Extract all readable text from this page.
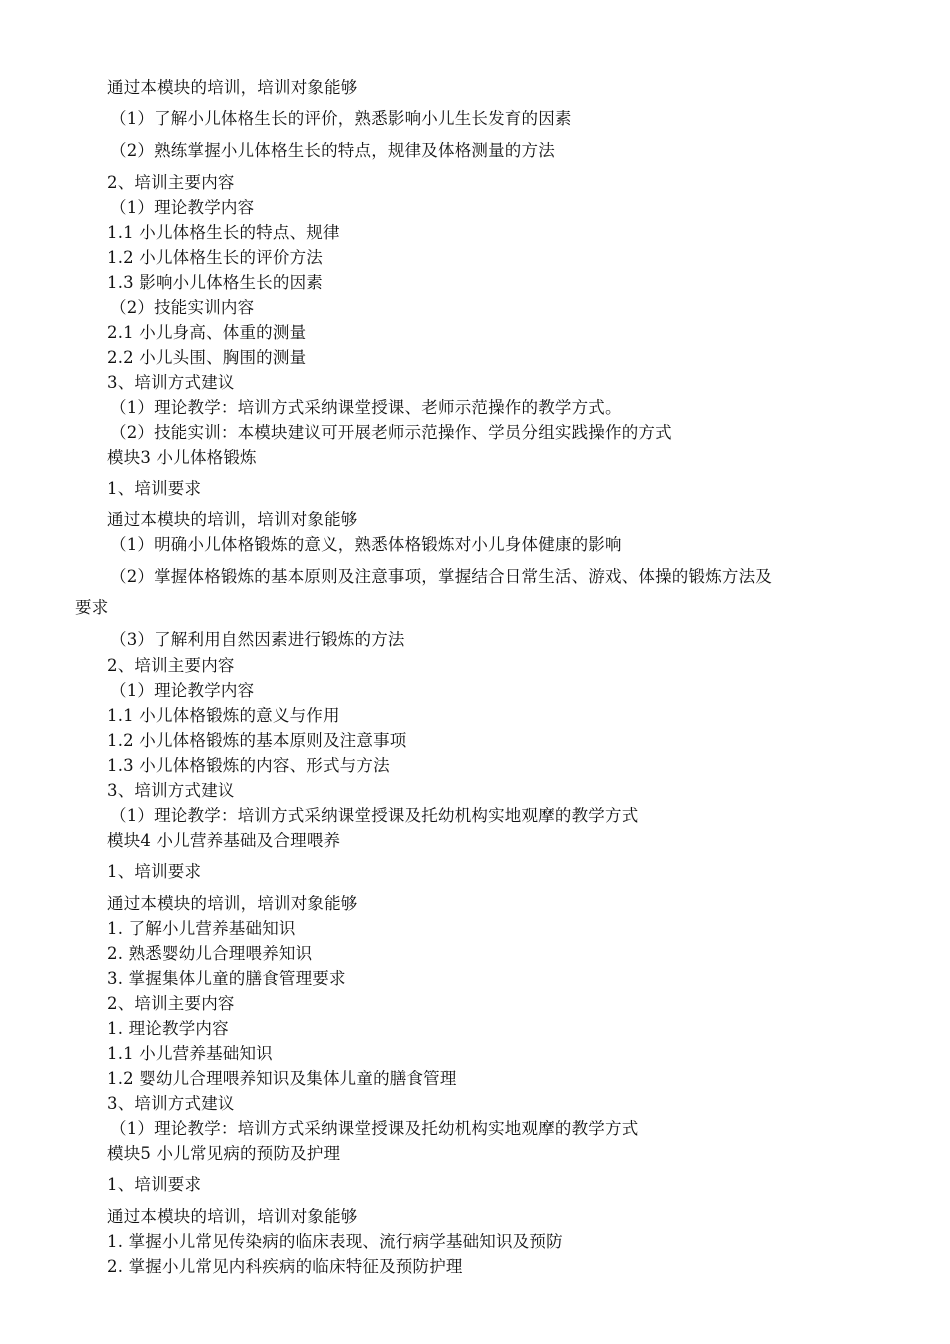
通过本模块的培训，培训对象能够
（1）了解小儿体格生长的评价，熟悉影响小儿生长发育的因素
（2）熟练掌握小儿体格生长的特点，规律及体格测量的方法
2、培训主要内容
（1）理论教学内容
1.1 小儿体格生长的特点、规律
1.2 小儿体格生长的评价方法
1.3 影响小儿体格生长的因素
（2）技能实训内容
2.1 小儿身高、体重的测量
2.2 小儿头围、胸围的测量
3、培训方式建议
（1）理论教学：培训方式采纳课堂授课、老师示范操作的教学方式。
（2）技能实训：本模块建议可开展老师示范操作、学员分组实践操作的方式
模块3 小儿体格锻炼
1、培训要求
通过本模块的培训，培训对象能够
（1）明确小儿体格锻炼的意义，熟悉体格锻炼对小儿身体健康的影响
（2）掌握体格锻炼的基本原则及注意事项，掌握结合日常生活、游戏、体操的锻炼方法及
要求
（3）了解利用自然因素进行锻炼的方法
2、培训主要内容
（1）理论教学内容
1.1 小儿体格锻炼的意义与作用
1.2 小儿体格锻炼的基本原则及注意事项
1.3 小儿体格锻炼的内容、形式与方法
3、培训方式建议
（1）理论教学：培训方式采纳课堂授课及托幼机构实地观摩的教学方式
模块4 小儿营养基础及合理喂养
1、培训要求
通过本模块的培训，培训对象能够
1. 了解小儿营养基础知识
2. 熟悉婴幼儿合理喂养知识
3. 掌握集体儿童的膳食管理要求
2、培训主要内容
1. 理论教学内容
1.1 小儿营养基础知识
1.2 婴幼儿合理喂养知识及集体儿童的膳食管理
3、培训方式建议
（1）理论教学：培训方式采纳课堂授课及托幼机构实地观摩的教学方式
模块5 小儿常见病的预防及护理
1、培训要求
通过本模块的培训，培训对象能够
1. 掌握小儿常见传染病的临床表现、流行病学基础知识及预防
2. 掌握小儿常见内科疾病的临床特征及预防护理
